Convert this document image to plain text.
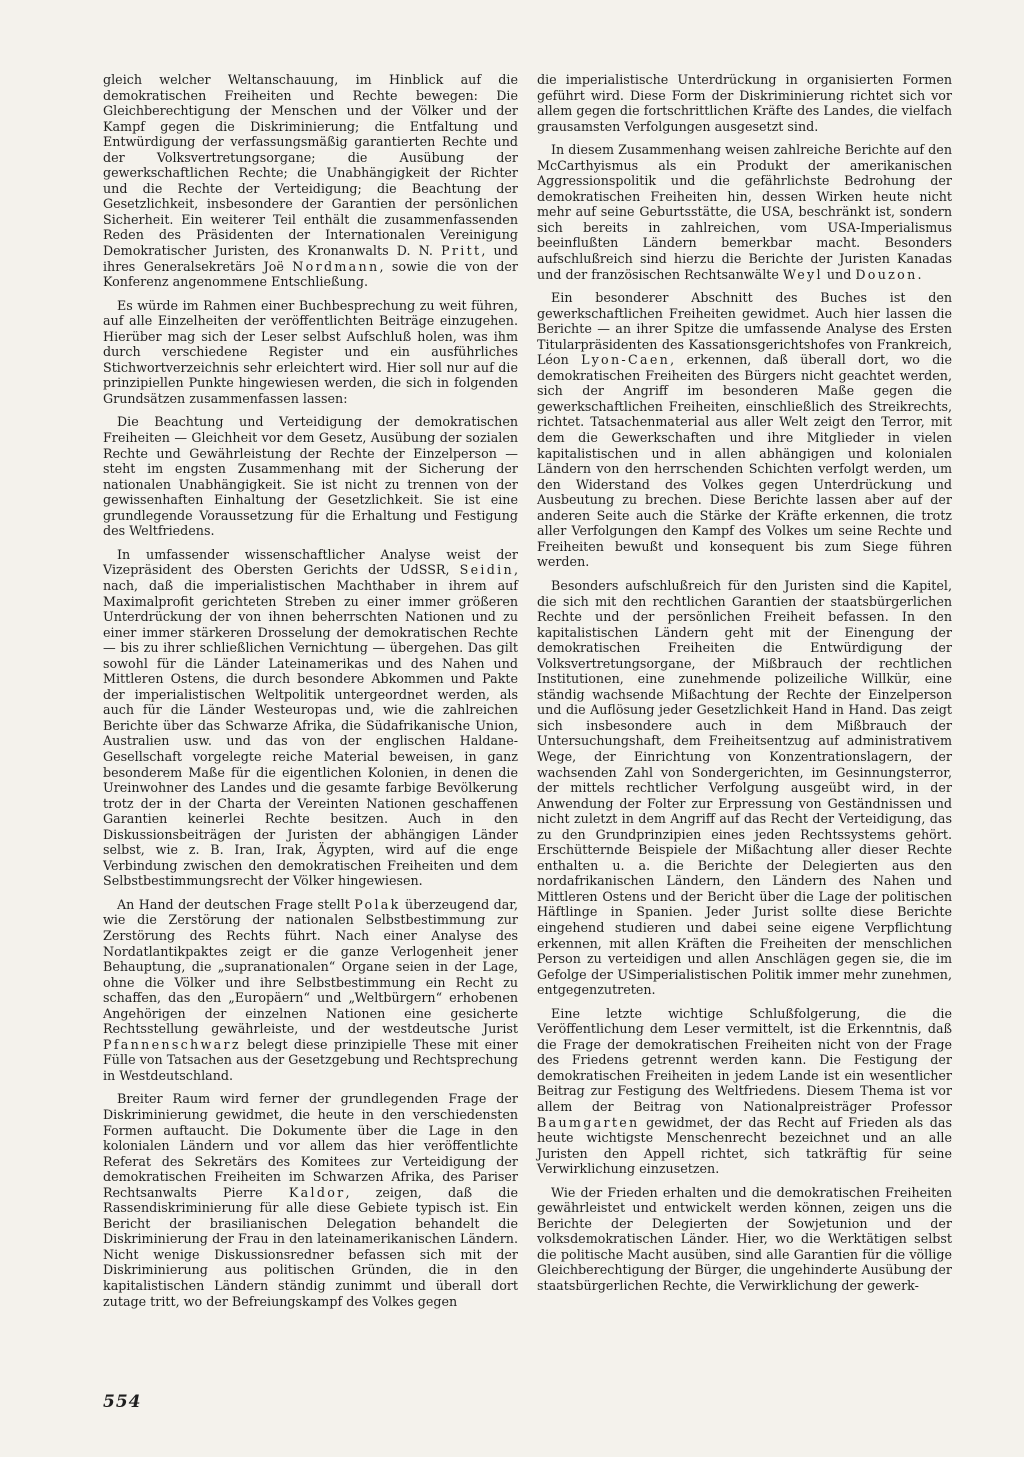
gleich welcher Weltanschauung, im Hinblick auf die demokratischen Freiheiten und Rechte bewegen: Die Gleichberechtigung der Menschen und der Völker und der Kampf gegen die Diskriminierung; die Entfaltung und Entwürdigung der verfassungsmäßig garantierten Rechte und der Volksvertretungsorgane; die Ausübung der gewerkschaftlichen Rechte; die Unabhängigkeit der Richter und die Rechte der Verteidigung; die Beachtung der Gesetzlichkeit, insbesondere der Garantien der persönlichen Sicherheit. Ein weiterer Teil enthält die zusammenfassenden Reden des Präsidenten der Internationalen Vereinigung Demokratischer Juristen, des Kronanwalts D. N. Pritt, und ihres Generalsekretärs Joë Nordmann, sowie die von der Konferenz angenommene Entschließung.

Es würde im Rahmen einer Buchbesprechung zu weit führen, auf alle Einzelheiten der veröffentlichten Beiträge einzugehen. Hierüber mag sich der Leser selbst Aufschluß holen, was ihm durch verschiedene Register und ein ausführliches Stichwortverzeichnis sehr erleichtert wird. Hier soll nur auf die prinzipiellen Punkte hingewiesen werden, die sich in folgenden Grundsätzen zusammenfassen lassen:

Die Beachtung und Verteidigung der demokratischen Freiheiten — Gleichheit vor dem Gesetz, Ausübung der sozialen Rechte und Gewährleistung der Rechte der Einzelperson — steht im engsten Zusammenhang mit der Sicherung der nationalen Unabhängigkeit. Sie ist nicht zu trennen von der gewissenhaften Einhaltung der Gesetzlichkeit. Sie ist eine grundlegende Voraussetzung für die Erhaltung und Festigung des Weltfriedens.

In umfassender wissenschaftlicher Analyse weist der Vizepräsident des Obersten Gerichts der UdSSR, Seidin, nach, daß die imperialistischen Machthaber in ihrem auf Maximalprofit gerichteten Streben zu einer immer größeren Unterdrückung der von ihnen beherrschten Nationen und zu einer immer stärkeren Drosselung der demokratischen Rechte — bis zu ihrer schließlichen Vernichtung — übergehen. Das gilt sowohl für die Länder Lateinamerikas und des Nahen und Mittleren Ostens, die durch besondere Abkommen und Pakte der imperialistischen Weltpolitik untergeordnet werden, als auch für die Länder Westeuropas und, wie die zahlreichen Berichte über das Schwarze Afrika, die Südafrikanische Union, Australien usw. und das von der englischen Haldane-Gesellschaft vorgelegte reiche Material beweisen, in ganz besonderem Maße für die eigentlichen Kolonien, in denen die Ureinwohner des Landes und die gesamte farbige Bevölkerung trotz der in der Charta der Vereinten Nationen geschaffenen Garantien keinerlei Rechte besitzen. Auch in den Diskussionsbeiträgen der Juristen der abhängigen Länder selbst, wie z. B. Iran, Irak, Ägypten, wird auf die enge Verbindung zwischen den demokratischen Freiheiten und dem Selbstbestimmungsrecht der Völker hingewiesen.

An Hand der deutschen Frage stellt Polak überzeugend dar, wie die Zerstörung der nationalen Selbstbestimmung zur Zerstörung des Rechts führt. Nach einer Analyse des Nordatlantikpaktes zeigt er die ganze Verlogenheit jener Behauptung, die „supranationalen“ Organe seien in der Lage, ohne die Völker und ihre Selbstbestimmung ein Recht zu schaffen, das den „Europäern“ und „Weltbürgern“ erhobenen Angehörigen der einzelnen Nationen eine gesicherte Rechtsstellung gewährleiste, und der westdeutsche Jurist Pfannenschwarz belegt diese prinzipielle These mit einer Fülle von Tatsachen aus der Gesetzgebung und Rechtsprechung in Westdeutschland.

Breiter Raum wird ferner der grundlegenden Frage der Diskriminierung gewidmet, die heute in den verschiedensten Formen auftaucht. Die Dokumente über die Lage in den kolonialen Ländern und vor allem das hier veröffentlichte Referat des Sekretärs des Komitees zur Verteidigung der demokratischen Freiheiten im Schwarzen Afrika, des Pariser Rechtsanwalts Pierre Kaldor, zeigen, daß die Rassendiskriminierung für alle diese Gebiete typisch ist. Ein Bericht der brasilianischen Delegation behandelt die Diskriminierung der Frau in den lateinamerikanischen Ländern. Nicht wenige Diskussionsredner befassen sich mit der Diskriminierung aus politischen Gründen, die in den kapitalistischen Ländern ständig zunimmt und überall dort zutage tritt, wo der Befreiungskampf des Volkes gegen

die imperialistische Unterdrückung in organisierten Formen geführt wird. Diese Form der Diskriminierung richtet sich vor allem gegen die fortschrittlichen Kräfte des Landes, die vielfach grausamsten Verfolgungen ausgesetzt sind.

In diesem Zusammenhang weisen zahlreiche Berichte auf den McCarthyismus als ein Produkt der amerikanischen Aggressionspolitik und die gefährlichste Bedrohung der demokratischen Freiheiten hin, dessen Wirken heute nicht mehr auf seine Geburtsstätte, die USA, beschränkt ist, sondern sich bereits in zahlreichen, vom USA-Imperialismus beeinflußten Ländern bemerkbar macht. Besonders aufschlußreich sind hierzu die Berichte der Juristen Kanadas und der französischen Rechtsanwälte Weyl und Douzon.

Ein besonderer Abschnitt des Buches ist den gewerkschaftlichen Freiheiten gewidmet. Auch hier lassen die Berichte — an ihrer Spitze die umfassende Analyse des Ersten Titularpräsidenten des Kassationsgerichtshofes von Frankreich, Léon Lyon-Caen, erkennen, daß überall dort, wo die demokratischen Freiheiten des Bürgers nicht geachtet werden, sich der Angriff im besonderen Maße gegen die gewerkschaftlichen Freiheiten, einschließlich des Streikrechts, richtet. Tatsachenmaterial aus aller Welt zeigt den Terror, mit dem die Gewerkschaften und ihre Mitglieder in vielen kapitalistischen und in allen abhängigen und kolonialen Ländern von den herrschenden Schichten verfolgt werden, um den Widerstand des Volkes gegen Unterdrückung und Ausbeutung zu brechen. Diese Berichte lassen aber auf der anderen Seite auch die Stärke der Kräfte erkennen, die trotz aller Verfolgungen den Kampf des Volkes um seine Rechte und Freiheiten bewußt und konsequent bis zum Siege führen werden.

Besonders aufschlußreich für den Juristen sind die Kapitel, die sich mit den rechtlichen Garantien der staatsbürgerlichen Rechte und der persönlichen Freiheit befassen. In den kapitalistischen Ländern geht mit der Einengung der demokratischen Freiheiten die Entwürdigung der Volksvertretungsorgane, der Mißbrauch der rechtlichen Institutionen, eine zunehmende polizeiliche Willkür, eine ständig wachsende Mißachtung der Rechte der Einzelperson und die Auflösung jeder Gesetzlichkeit Hand in Hand. Das zeigt sich insbesondere auch in dem Mißbrauch der Untersuchungshaft, dem Freiheitsentzug auf administrativem Wege, der Einrichtung von Konzentrationslagern, der wachsenden Zahl von Sondergerichten, im Gesinnungsterror, der mittels rechtlicher Verfolgung ausgeübt wird, in der Anwendung der Folter zur Erpressung von Geständnissen und nicht zuletzt in dem Angriff auf das Recht der Verteidigung, das zu den Grundprinzipien eines jeden Rechtssystems gehört. Erschütternde Beispiele der Mißachtung aller dieser Rechte enthalten u. a. die Berichte der Delegierten aus den nordafrikanischen Ländern, den Ländern des Nahen und Mittleren Ostens und der Bericht über die Lage der politischen Häftlinge in Spanien. Jeder Jurist sollte diese Berichte eingehend studieren und dabei seine eigene Verpflichtung erkennen, mit allen Kräften die Freiheiten der menschlichen Person zu verteidigen und allen Anschlägen gegen sie, die im Gefolge der USimperialistischen Politik immer mehr zunehmen, entgegenzutreten.

Eine letzte wichtige Schlußfolgerung, die die Veröffentlichung dem Leser vermittelt, ist die Erkenntnis, daß die Frage der demokratischen Freiheiten nicht von der Frage des Friedens getrennt werden kann. Die Festigung der demokratischen Freiheiten in jedem Lande ist ein wesentlicher Beitrag zur Festigung des Weltfriedens. Diesem Thema ist vor allem der Beitrag von Nationalpreisträger Professor Baumgarten gewidmet, der das Recht auf Frieden als das heute wichtigste Menschenrecht bezeichnet und an alle Juristen den Appell richtet, sich tatkräftig für seine Verwirklichung einzusetzen.

Wie der Frieden erhalten und die demokratischen Freiheiten gewährleistet und entwickelt werden können, zeigen uns die Berichte der Delegierten der Sowjetunion und der volksdemokratischen Länder. Hier, wo die Werktätigen selbst die politische Macht ausüben, sind alle Garantien für die völlige Gleichberechtigung der Bürger, die ungehinderte Ausübung der staatsbürgerlichen Rechte, die Verwirklichung der gewerk-

554
